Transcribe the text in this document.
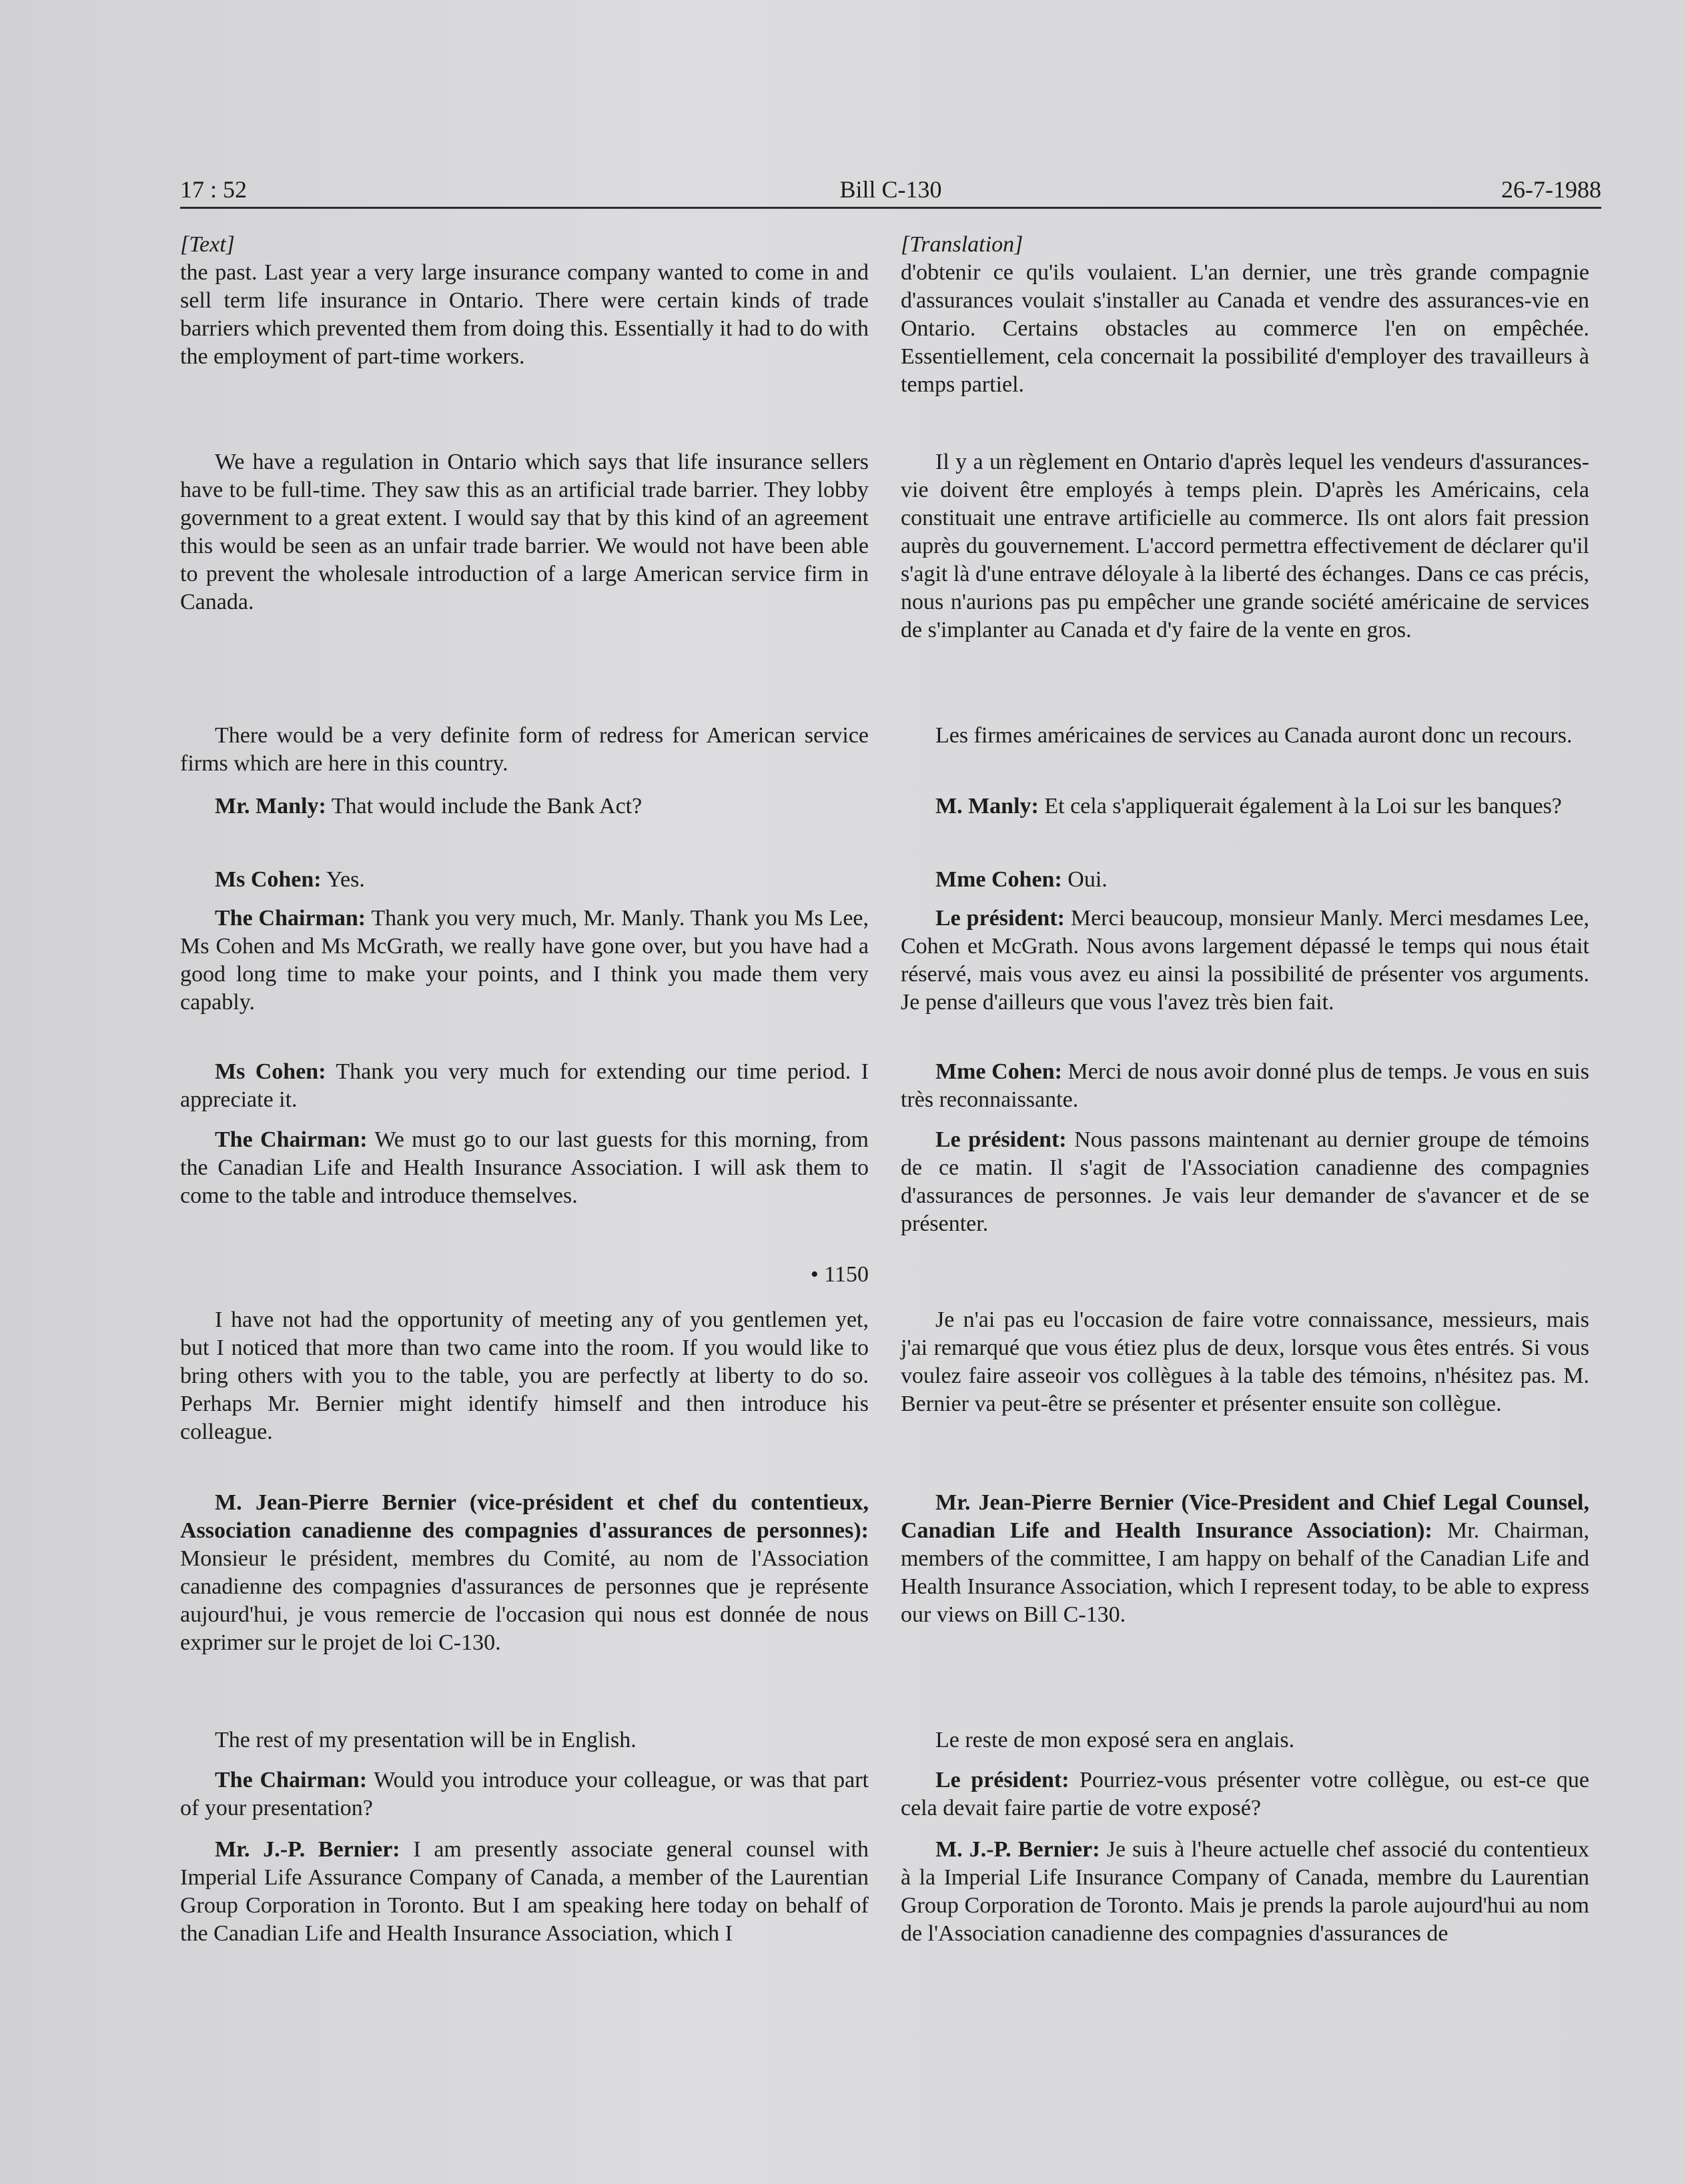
17 : 52	Bill C-130	26-7-1988

[Text]

the past. Last year a very large insurance company wanted to come in and sell term life insurance in Ontario. There were certain kinds of trade barriers which prevented them from doing this. Essentially it had to do with the employment of part-time workers.

We have a regulation in Ontario which says that life insurance sellers have to be full-time. They saw this as an artificial trade barrier. They lobby government to a great extent. I would say that by this kind of an agreement this would be seen as an unfair trade barrier. We would not have been able to prevent the wholesale introduction of a large American service firm in Canada.

There would be a very definite form of redress for American service firms which are here in this country.

Mr. Manly: That would include the Bank Act?

Ms Cohen: Yes.

The Chairman: Thank you very much, Mr. Manly. Thank you Ms Lee, Ms Cohen and Ms McGrath, we really have gone over, but you have had a good long time to make your points, and I think you made them very capably.

Ms Cohen: Thank you very much for extending our time period. I appreciate it.

The Chairman: We must go to our last guests for this morning, from the Canadian Life and Health Insurance Association. I will ask them to come to the table and introduce themselves.

• 1150

I have not had the opportunity of meeting any of you gentlemen yet, but I noticed that more than two came into the room. If you would like to bring others with you to the table, you are perfectly at liberty to do so. Perhaps Mr. Bernier might identify himself and then introduce his colleague.

M. Jean-Pierre Bernier (vice-président et chef du contentieux, Association canadienne des compagnies d'assurances de personnes): Monsieur le président, membres du Comité, au nom de l'Association canadienne des compagnies d'assurances de personnes que je représente aujourd'hui, je vous remercie de l'occasion qui nous est donnée de nous exprimer sur le projet de loi C-130.

The rest of my presentation will be in English.

The Chairman: Would you introduce your colleague, or was that part of your presentation?

Mr. J.-P. Bernier: I am presently associate general counsel with Imperial Life Assurance Company of Canada, a member of the Laurentian Group Corporation in Toronto. But I am speaking here today on behalf of the Canadian Life and Health Insurance Association, which I

[Translation]

d'obtenir ce qu'ils voulaient. L'an dernier, une très grande compagnie d'assurances voulait s'installer au Canada et vendre des assurances-vie en Ontario. Certains obstacles au commerce l'en on empêchée. Essentiellement, cela concernait la possibilité d'employer des travailleurs à temps partiel.

Il y a un règlement en Ontario d'après lequel les vendeurs d'assurances-vie doivent être employés à temps plein. D'après les Américains, cela constituait une entrave artificielle au commerce. Ils ont alors fait pression auprès du gouvernement. L'accord permettra effectivement de déclarer qu'il s'agit là d'une entrave déloyale à la liberté des échanges. Dans ce cas précis, nous n'aurions pas pu empêcher une grande société américaine de services de s'implanter au Canada et d'y faire de la vente en gros.

Les firmes américaines de services au Canada auront donc un recours.

M. Manly: Et cela s'appliquerait également à la Loi sur les banques?

Mme Cohen: Oui.

Le président: Merci beaucoup, monsieur Manly. Merci mesdames Lee, Cohen et McGrath. Nous avons largement dépassé le temps qui nous était réservé, mais vous avez eu ainsi la possibilité de présenter vos arguments. Je pense d'ailleurs que vous l'avez très bien fait.

Mme Cohen: Merci de nous avoir donné plus de temps. Je vous en suis très reconnaissante.

Le président: Nous passons maintenant au dernier groupe de témoins de ce matin. Il s'agit de l'Association canadienne des compagnies d'assurances de personnes. Je vais leur demander de s'avancer et de se présenter.

Je n'ai pas eu l'occasion de faire votre connaissance, messieurs, mais j'ai remarqué que vous étiez plus de deux, lorsque vous êtes entrés. Si vous voulez faire asseoir vos collègues à la table des témoins, n'hésitez pas. M. Bernier va peut-être se présenter et présenter ensuite son collègue.

Mr. Jean-Pierre Bernier (Vice-President and Chief Legal Counsel, Canadian Life and Health Insurance Association): Mr. Chairman, members of the committee, I am happy on behalf of the Canadian Life and Health Insurance Association, which I represent today, to be able to express our views on Bill C-130.

Le reste de mon exposé sera en anglais.

Le président: Pourriez-vous présenter votre collègue, ou est-ce que cela devait faire partie de votre exposé?

M. J.-P. Bernier: Je suis à l'heure actuelle chef associé du contentieux à la Imperial Life Insurance Company of Canada, membre du Laurentian Group Corporation de Toronto. Mais je prends la parole aujourd'hui au nom de l'Association canadienne des compagnies d'assurances de
